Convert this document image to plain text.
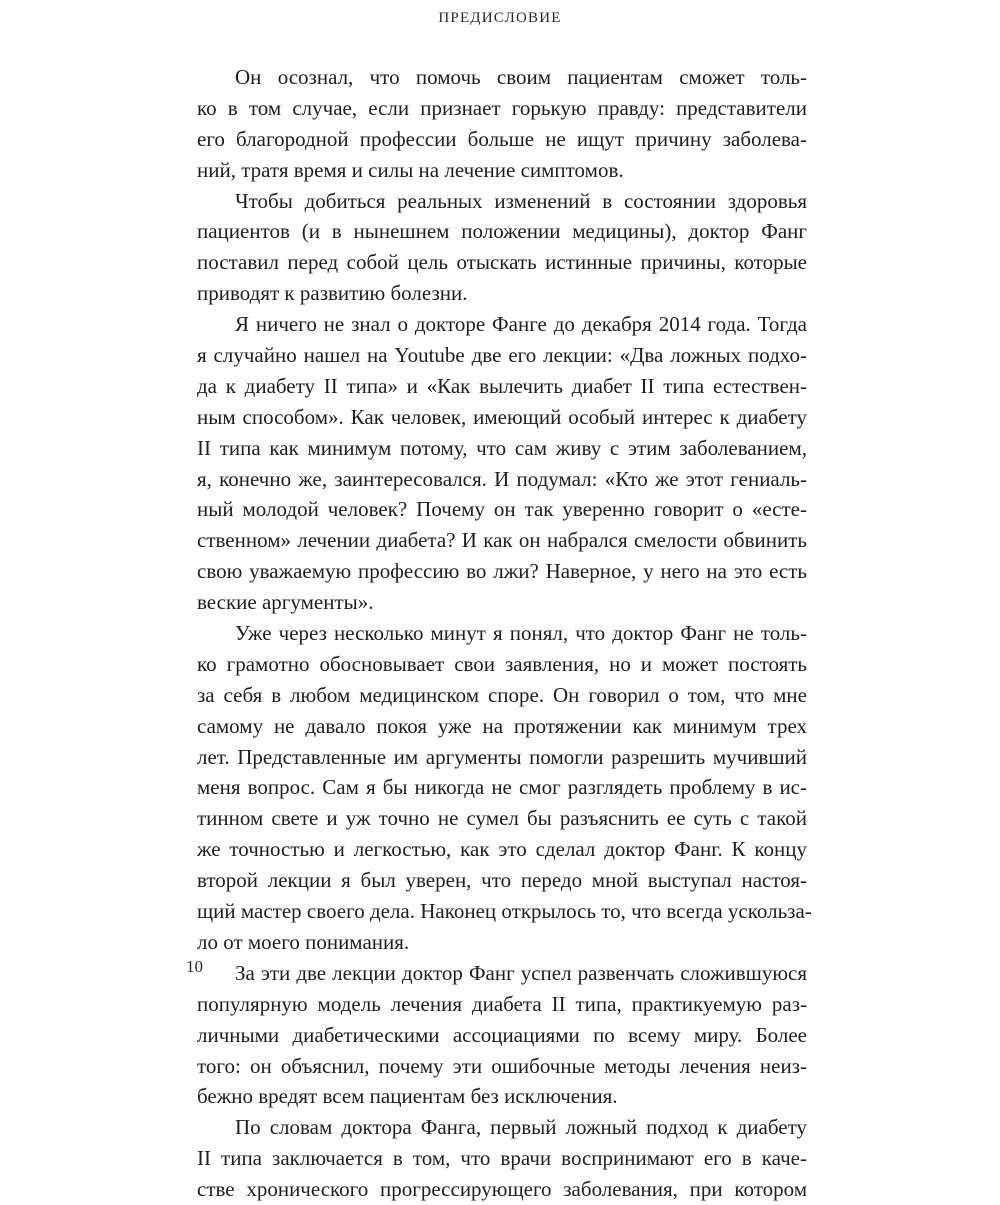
ПРЕДИСЛОВИЕ
Он осознал, что помочь своим пациентам сможет толь-
ко в том случае, если признает горькую правду: представители
его благородной профессии больше не ищут причину заболева-
ний, тратя время и силы на лечение симптомов.
Чтобы добиться реальных изменений в состоянии здоровья
пациентов (и в нынешнем положении медицины), доктор Фанг
поставил перед собой цель отыскать истинные причины, которые
приводят к развитию болезни.
Я ничего не знал о докторе Фанге до декабря 2014 года. Тогда
я случайно нашел на Youtube две его лекции: «Два ложных подхо-
да к диабету II типа» и «Как вылечить диабет II типа естествен-
ным способом». Как человек, имеющий особый интерес к диабету
II типа как минимум потому, что сам живу с этим заболеванием,
я, конечно же, заинтересовался. И подумал: «Кто же этот гениаль-
ный молодой человек? Почему он так уверенно говорит о «есте-
ственном» лечении диабета? И как он набрался смелости обвинить
свою уважаемую профессию во лжи? Наверное, у него на это есть
веские аргументы».
Уже через несколько минут я понял, что доктор Фанг не толь-
ко грамотно обосновывает свои заявления, но и может постоять
за себя в любом медицинском споре. Он говорил о том, что мне
самому не давало покоя уже на протяжении как минимум трех
лет. Представленные им аргументы помогли разрешить мучивший
меня вопрос. Сам я бы никогда не смог разглядеть проблему в ис-
тинном свете и уж точно не сумел бы разъяснить ее суть с такой
же точностью и легкостью, как это сделал доктор Фанг. К концу
второй лекции я был уверен, что передо мной выступал настоя-
щий мастер своего дела. Наконец открылось то, что всегда ускольза-
ло от моего понимания.
За эти две лекции доктор Фанг успел развенчать сложившуюся
популярную модель лечения диабета II типа, практикуемую раз-
личными диабетическими ассоциациями по всему миру. Более
того: он объяснил, почему эти ошибочные методы лечения неиз-
бежно вредят всем пациентам без исключения.
По словам доктора Фанга, первый ложный подход к диабету
II типа заключается в том, что врачи воспринимают его в каче-
стве хронического прогрессирующего заболевания, при котором
10
